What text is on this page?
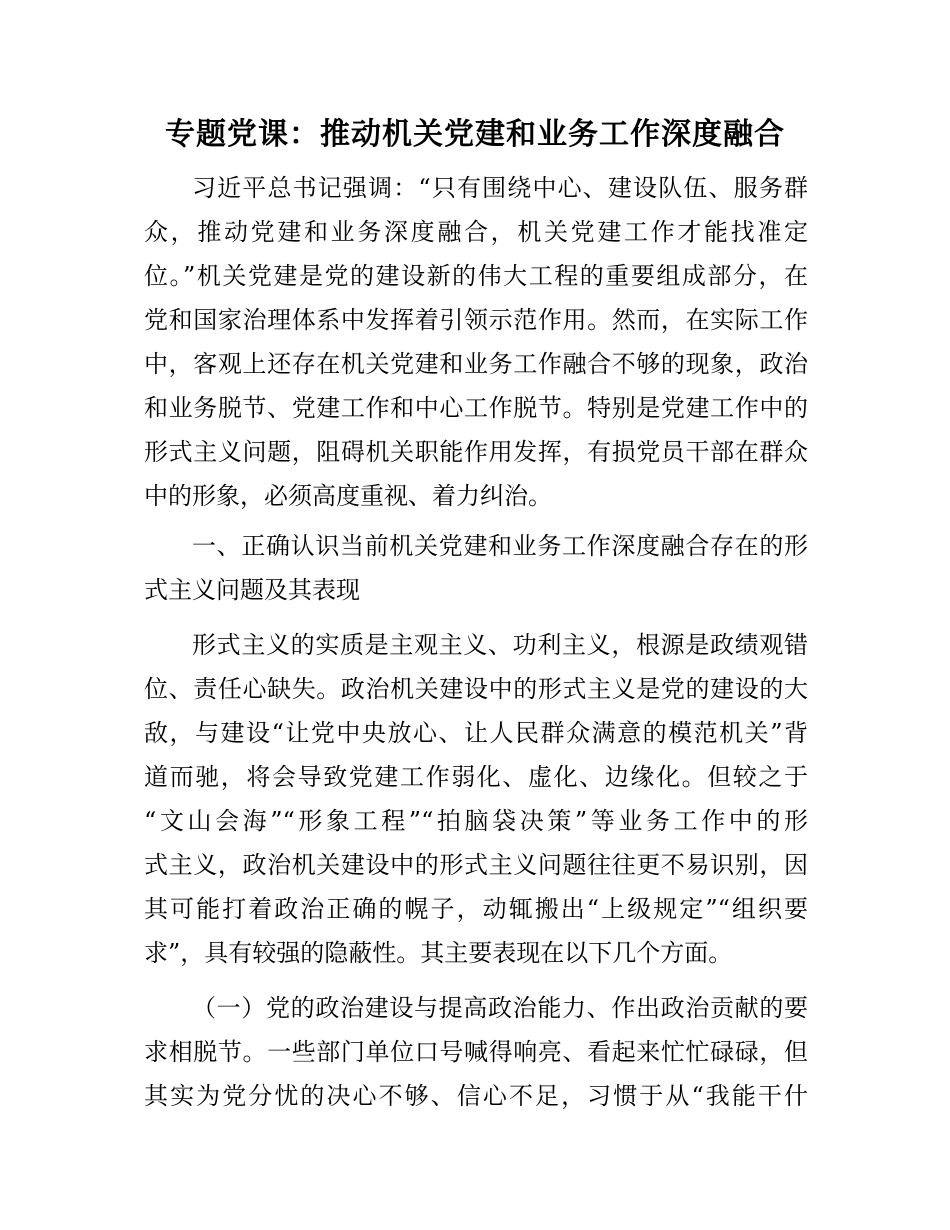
专题党课：推动机关党建和业务工作深度融合
习近平总书记强调：“只有围绕中心、建设队伍、服务群
众，推动党建和业务深度融合，机关党建工作才能找准定
位。”机关党建是党的建设新的伟大工程的重要组成部分，在
党和国家治理体系中发挥着引领示范作用。然而，在实际工作
中，客观上还存在机关党建和业务工作融合不够的现象，政治
和业务脱节、党建工作和中心工作脱节。特别是党建工作中的
形式主义问题，阻碍机关职能作用发挥，有损党员干部在群众
中的形象，必须高度重视、着力纠治。
一、正确认识当前机关党建和业务工作深度融合存在的形
式主义问题及其表现
形式主义的实质是主观主义、功利主义，根源是政绩观错
位、责任心缺失。政治机关建设中的形式主义是党的建设的大
敌，与建设“让党中央放心、让人民群众满意的模范机关”背
道而驰，将会导致党建工作弱化、虚化、边缘化。但较之于
“文山会海”“形象工程”“拍脑袋决策”等业务工作中的形
式主义，政治机关建设中的形式主义问题往往更不易识别，因
其可能打着政治正确的幌子，动辄搬出“上级规定”“组织要
求”，具有较强的隐蔽性。其主要表现在以下几个方面。
（一）党的政治建设与提高政治能力、作出政治贡献的要
求相脱节。一些部门单位口号喊得响亮、看起来忙忙碌碌，但
其实为党分忧的决心不够、信心不足，习惯于从“我能干什
